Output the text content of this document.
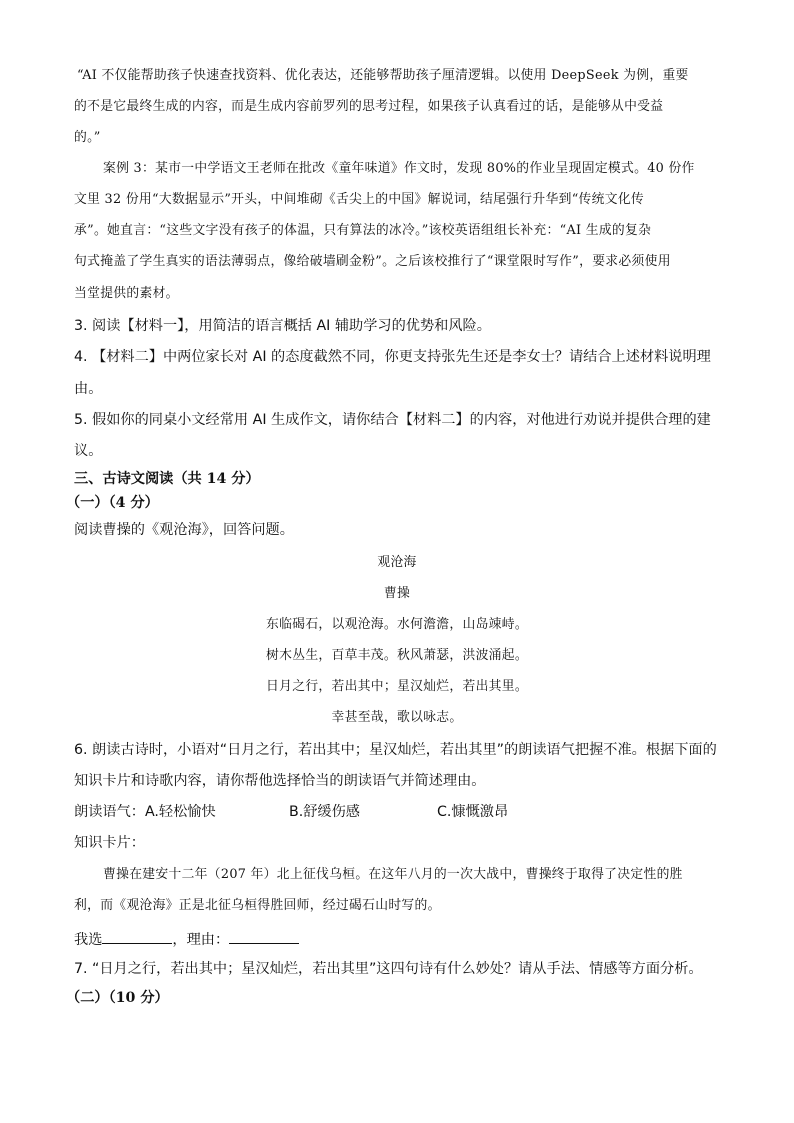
“AI 不仅能帮助孩子快速查找资料、优化表达，还能够帮助孩子厘清逻辑。以使用 DeepSeek 为例，重要
的不是它最终生成的内容，而是生成内容前罗列的思考过程，如果孩子认真看过的话，是能够从中受益
的。”
案例 3：某市一中学语文王老师在批改《童年味道》作文时，发现 80%的作业呈现固定模式。40 份作
文里 32 份用“大数据显示”开头，中间堆砌《舌尖上的中国》解说词，结尾强行升华到“传统文化传
承”。她直言：“这些文字没有孩子的体温，只有算法的冰冷。”该校英语组组长补充：“AI 生成的复杂
句式掩盖了学生真实的语法薄弱点，像给破墙刷金粉”。之后该校推行了“课堂限时写作”，要求必须使用
当堂提供的素材。
3. 阅读【材料一】，用简洁的语言概括 AI 辅助学习的优势和风险。
4. 【材料二】中两位家长对 AI 的态度截然不同，你更支持张先生还是李女士？请结合上述材料说明理
由。
5. 假如你的同桌小文经常用 AI 生成作文，请你结合【材料二】的内容，对他进行劝说并提供合理的建
议。
三、古诗文阅读（共 14 分）
（一）（4 分）
阅读曹操的《观沧海》，回答问题。
观沧海
曹操
东临碣石，以观沧海。水何澹澹，山岛竦峙。
树木丛生，百草丰茂。秋风萧瑟，洪波涌起。
日月之行，若出其中；星汉灿烂，若出其里。
幸甚至哉，歌以咏志。
6. 朗读古诗时，小语对“日月之行，若出其中；星汉灿烂，若出其里”的朗读语气把握不准。根据下面的
知识卡片和诗歌内容，请你帮他选择恰当的朗读语气并简述理由。
朗读语气：A.轻松愉快	B.舒缓伤感	C.慷慨激昂
知识卡片：
曹操在建安十二年（207 年）北上征伐乌桓。在这年八月的一次大战中，曹操终于取得了决定性的胜
利，而《观沧海》正是北征乌桓得胜回师，经过碣石山时写的。
我选	，理由：
7. “日月之行，若出其中；星汉灿烂，若出其里”这四句诗有什么妙处？请从手法、情感等方面分析。
（二）（10 分）
